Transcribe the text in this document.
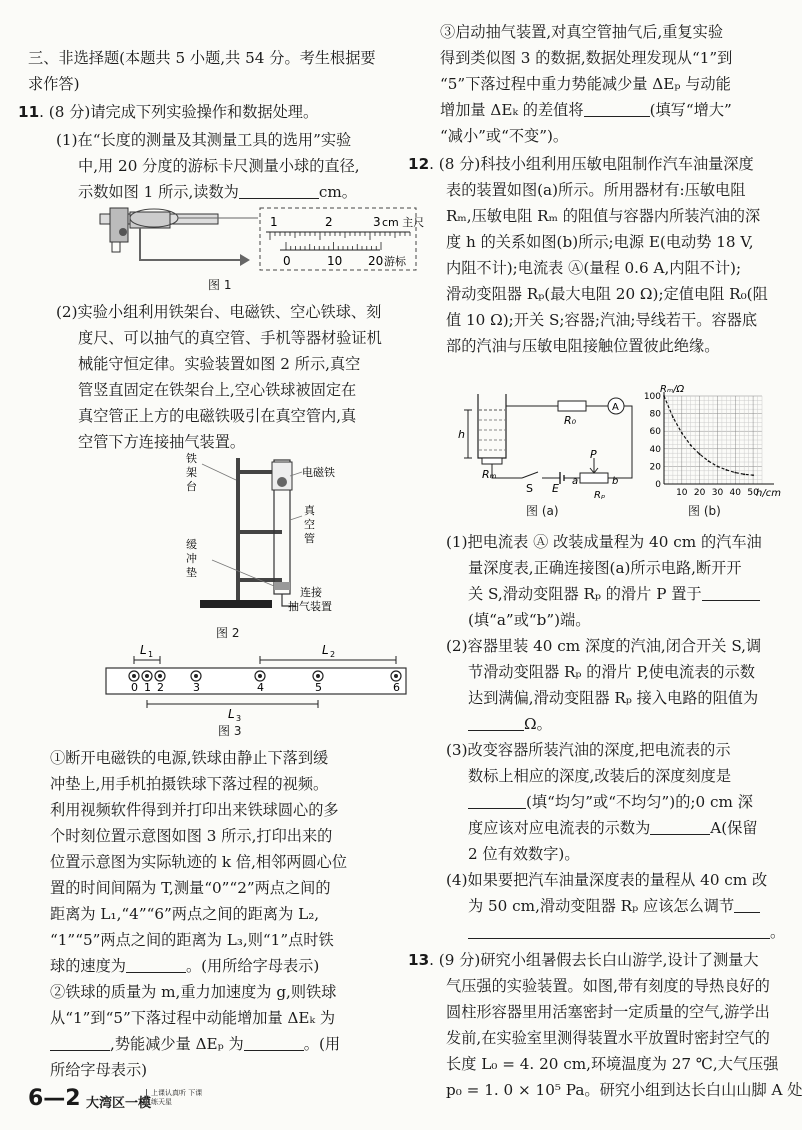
三、非选择题(本题共 5 小题,共 54 分。考生根据要
求作答)
11. (8 分)请完成下列实验操作和数据处理。
(1)在“长度的测量及其测量工具的选用”实验
中,用 20 分度的游标卡尺测量小球的直径,
示数如图 1 所示,读数为	cm。
1	2	3 cm 主尺
0	10 20 游标
图 1
(2)实验小组利用铁架台、电磁铁、空心铁球、刻
度尺、可以抽气的真空管、手机等器材验证机
械能守恒定律。实验装置如图 2 所示,真空
管竖直固定在铁架台上,空心铁球被固定在
真空管正上方的电磁铁吸引在真空管内,真
空管下方连接抽气装置。
铁
架
台
电磁铁
真
空
管
缓
冲
垫
连接
抽气装置
图 2
0 1 2	3	4	5	6
L 1	L 2
L 3
图 3
①断开电磁铁的电源,铁球由静止下落到缓
冲垫上,用手机拍摄铁球下落过程的视频。
利用视频软件得到并打印出来铁球圆心的多
个时刻位置示意图如图 3 所示,打印出来的
位置示意图为实际轨迹的 k 倍,相邻两圆心位
置的时间间隔为 T,测量“0”“2”两点之间的
距离为 L₁,“4”“6”两点之间的距离为 L₂,
“1”“5”两点之间的距离为 L₃,则“1”点时铁
球的速度为	。(用所给字母表示)
②铁球的质量为 m,重力加速度为 g,则铁球
从“1”到“5”下落过程中动能增加量 ΔEₖ 为
,势能减少量 ΔEₚ 为	。(用
所给字母表示)
③启动抽气装置,对真空管抽气后,重复实验
得到类似图 3 的数据,数据处理发现从“1”到
“5”下落过程中重力势能减少量 ΔEₚ 与动能
增加量 ΔEₖ 的差值将	(填写“增大”
“减小”或“不变”)。
12. (8 分)科技小组利用压敏电阻制作汽车油量深度
表的装置如图(a)所示。所用器材有:压敏电阻
Rₘ,压敏电阻 Rₘ 的阻值与容器内所装汽油的深
度 h 的关系如图(b)所示;电源 E(电动势 18 V,
内阻不计);电流表 Ⓐ(量程 0.6 A,内阻不计);
滑动变阻器 Rₚ(最大电阻 20 Ω);定值电阻 R₀(阻
值 10 Ω);开关 S;容器;汽油;导线若干。容器底
部的汽油与压敏电阻接触位置彼此绝缘。
h
R₀
A
Rₘ
S E
P
a	b
Rₚ
图 (a)
100
80
60
40
20
0
10 20 30 40 50
Rₘ/Ω
h/cm
图 (b)
(1)把电流表 Ⓐ 改装成量程为 40 cm 的汽车油
量深度表,正确连接图(a)所示电路,断开开
关 S,滑动变阻器 Rₚ 的滑片 P 置于
(填“a”或“b”)端。
(2)容器里装 40 cm 深度的汽油,闭合开关 S,调
节滑动变阻器 Rₚ 的滑片 P,使电流表的示数
达到满偏,滑动变阻器 Rₚ 接入电路的阻值为
Ω。
(3)改变容器所装汽油的深度,把电流表的示
数标上相应的深度,改装后的深度刻度是
(填“均匀”或“不均匀”)的;0 cm 深
度应该对应电流表的示数为	A(保留
2 位有效数字)。
(4)如果要把汽车油量深度表的量程从 40 cm 改
为 50 cm,滑动变阻器 Rₚ 应该怎么调节
。
13. (9 分)研究小组暑假去长白山游学,设计了测量大
气压强的实验装置。如图,带有刻度的导热良好的
圆柱形容器里用活塞密封一定质量的空气,游学出
发前,在实验室里测得装置水平放置时密封空气的
长度 L₀ = 4. 20 cm,环境温度为 27 ℃,大气压强
p₀ = 1. 0 × 10⁵ Pa。研究小组到达长白山山脚 A 处
6—2 大湾区一模
上课认真听 下课练天星
